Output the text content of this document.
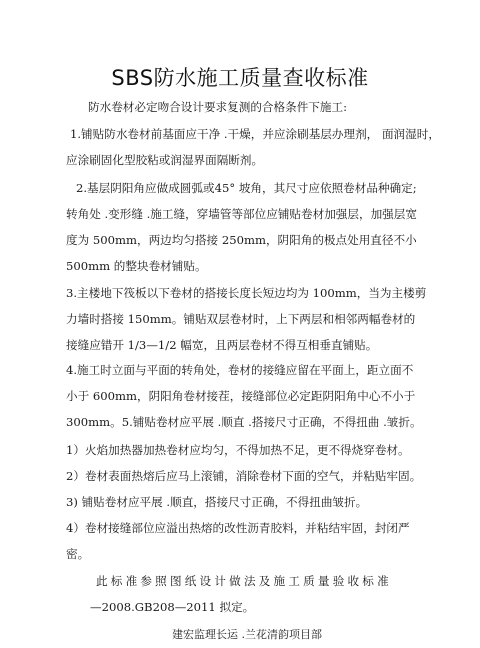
SBS防水施工质量查收标准
防水卷材必定吻合设计要求复测的合格条件下施工:
1.铺贴防水卷材前基面应干净 .干燥，并应涂刷基层办理剂， 面润湿时，
应涂刷固化型胶粘或润湿界面隔断剂。
2.基层阴阳角应做成圆弧或45° 坡角，其尺寸应依照卷材品种确定;
转角处 .变形缝 .施工缝，穿墙管等部位应铺贴卷材加强层，加强层宽
度为 500mm，两边均匀搭接 250mm，阴阳角的极点处用直径不小
500mm 的整块卷材铺贴。
3.主楼地下筏板以下卷材的搭接长度长短边均为 100mm，当为主楼剪
力墙时搭接 150mm。铺贴双层卷材时，上下两层和相邻两幅卷材的
接缝应错开 1/3—1/2 幅宽，且两层卷材不得互相垂直铺贴。
4.施工时立面与平面的转角处，卷材的接缝应留在平面上，距立面不
小于 600mm，阴阳角卷材接茬，接缝部位必定距阴阳角中心不小于
300mm。5.铺贴卷材应平展 .顺直 .搭接尺寸正确，不得扭曲 .皱折。
1）火焰加热器加热卷材应均匀，不得加热不足，更不得烧穿卷材。
2）卷材表面热熔后应马上滚铺，消除卷材下面的空气，并粘贴牢固。
3) 铺贴卷材应平展 .顺直，搭接尺寸正确，不得扭曲皱折。
4）卷材接缝部位应溢出热熔的改性沥青胶料，并粘结牢固，封闭严
密。
此标准参照图纸设计做法及施工质量验收标准
—2008.GB208—2011 拟定。
建宏监理长运 .兰花清韵项目部
